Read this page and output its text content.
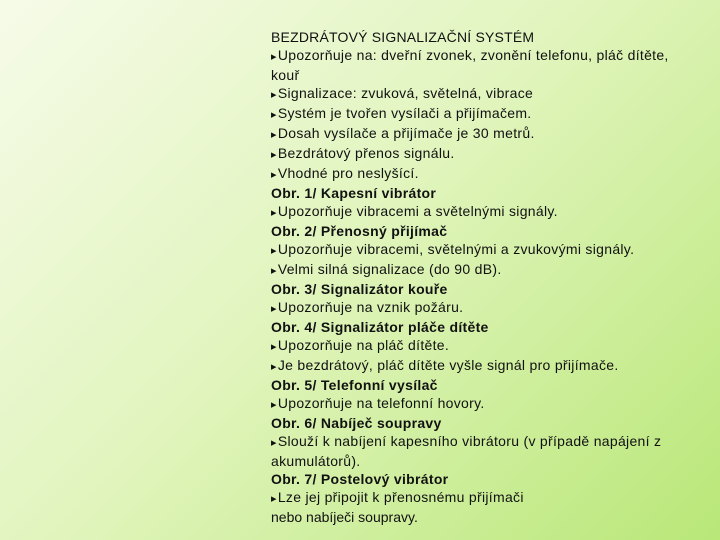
BEZDRÁTOVÝ SIGNALIZAČNÍ SYSTÉM

▸ Upozorňuje na: dveřní zvonek, zvonění telefonu, pláč dítěte, kouř

▸ Signalizace: zvuková, světelná, vibrace

▸ Systém je tvořen vysílači a přijímačem.

▸ Dosah vysílače a přijímače je 30 metrů.

▸ Bezdrátový přenos signálu.

▸ Vhodné pro neslyšící.

Obr. 1/ Kapesní vibrátor

▸ Upozorňuje vibracemi a světelnými signály.

Obr. 2/ Přenosný přijímač

▸ Upozorňuje vibracemi, světelnými a zvukovými signály.

▸ Velmi silná signalizace (do 90 dB).

Obr. 3/ Signalizátor kouře

▸ Upozorňuje na vznik požáru.

Obr. 4/ Signalizátor pláče dítěte

▸ Upozorňuje na pláč dítěte.

▸ Je bezdrátový, pláč dítěte vyšle signál pro přijímače.

Obr. 5/ Telefonní vysílač

▸ Upozorňuje na telefonní hovory.

Obr. 6/ Nabíječ soupravy

▸ Slouží k nabíjení kapesního vibrátoru (v případě napájení z akumulátorů).

Obr. 7/ Postelový vibrátor

▸ Lze jej připojit k přenosnému přijímači

nebo nabíječi soupravy.
